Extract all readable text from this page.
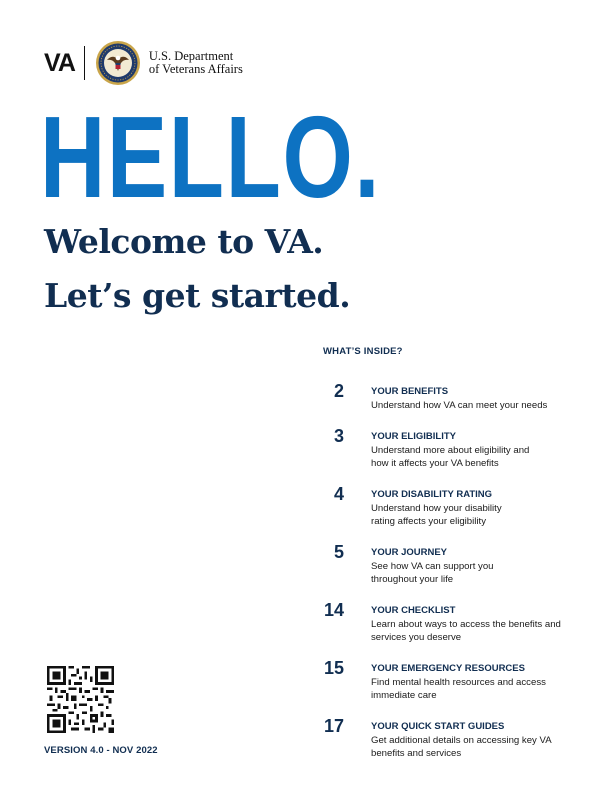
VA	U.S. Department
of Veterans Affairs
HELLO.
Welcome to VA.
Let’s get started.
WHAT’S INSIDE?
2	YOUR BENEFITS
Understand how VA can meet your needs
3	YOUR ELIGIBILITY
Understand more about eligibility and how it affects your VA benefits
4	YOUR DISABILITY RATING
Understand how your disability rating affects your eligibility
5	YOUR JOURNEY
See how VA can support you throughout your life
14	YOUR CHECKLIST
Learn about ways to access the benefits and services you deserve
15	YOUR EMERGENCY RESOURCES
Find mental health resources and access immediate care
17	YOUR QUICK START GUIDES
Get additional details on accessing key VA benefits and services
VERSION 4.0 - NOV 2022
